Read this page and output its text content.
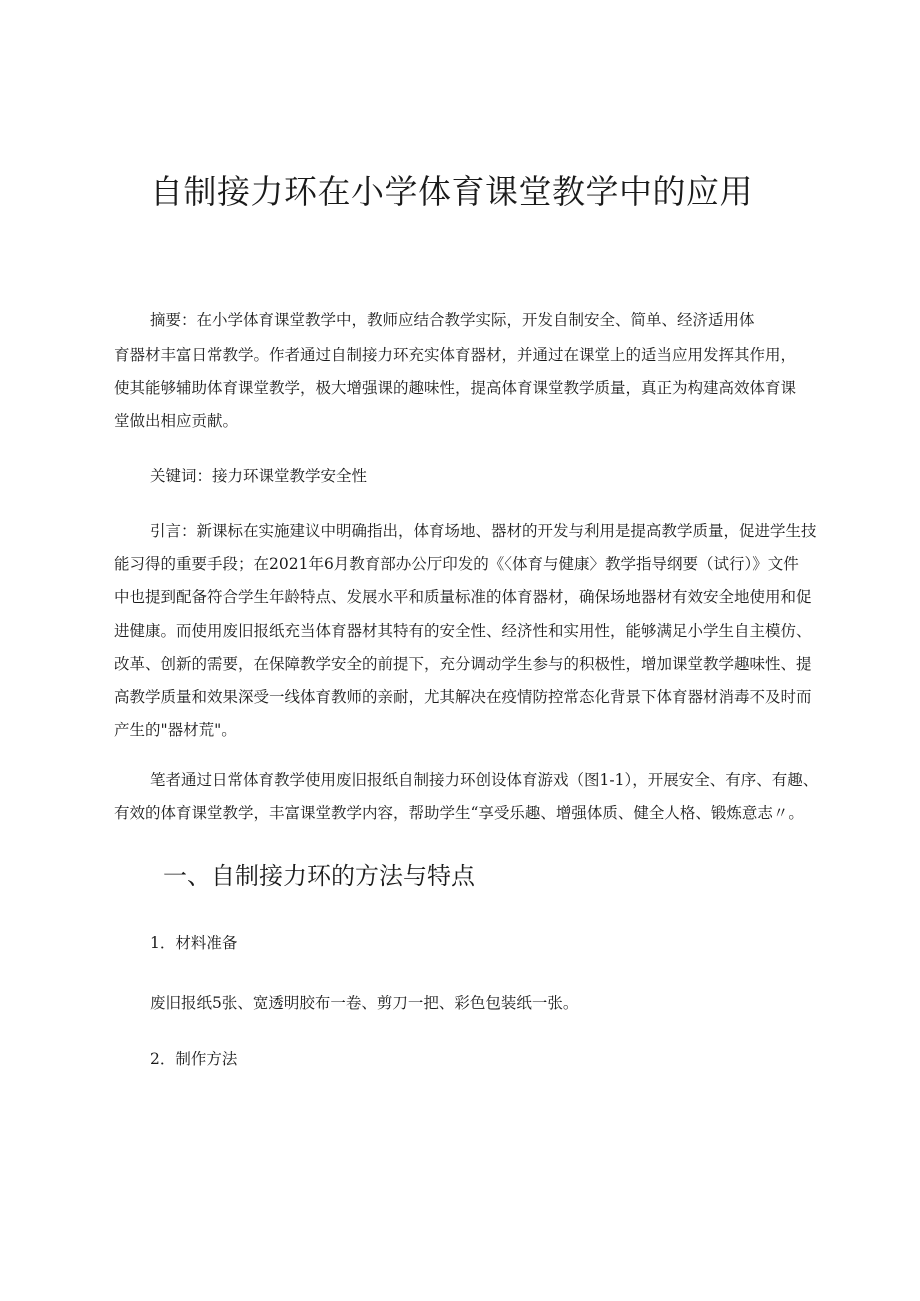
自制接力环在小学体育课堂教学中的应用
摘要：在小学体育课堂教学中，教师应结合教学实际，开发自制安全、简单、经济适用体
育器材丰富日常教学。作者通过自制接力环充实体育器材，并通过在课堂上的适当应用发挥其作用，
使其能够辅助体育课堂教学，极大增强课的趣味性，提高体育课堂教学质量，真正为构建高效体育课
堂做出相应贡献。
关键词：接力环课堂教学安全性
引言：新课标在实施建议中明确指出，体育场地、器材的开发与利用是提高教学质量，促进学生技
能习得的重要手段；在2021年6月教育部办公厅印发的《〈体育与健康〉教学指导纲要（试行）》文件
中也提到配备符合学生年龄特点、发展水平和质量标准的体育器材，确保场地器材有效安全地使用和促
进健康。而使用废旧报纸充当体育器材其特有的安全性、经济性和实用性，能够满足小学生自主模仿、
改革、创新的需要，在保障教学安全的前提下，充分调动学生参与的积极性，增加课堂教学趣味性、提
高教学质量和效果深受一线体育教师的亲耐，尤其解决在疫情防控常态化背景下体育器材消毒不及时而
产生的"器材荒"。
笔者通过日常体育教学使用废旧报纸自制接力环创设体育游戏（图1-1），开展安全、有序、有趣、
有效的体育课堂教学，丰富课堂教学内容，帮助学生“享受乐趣、增强体质、健全人格、锻炼意志〃。
一、自制接力环的方法与特点
1．材料准备
废旧报纸5张、宽透明胶布一卷、剪刀一把、彩色包装纸一张。
2．制作方法
